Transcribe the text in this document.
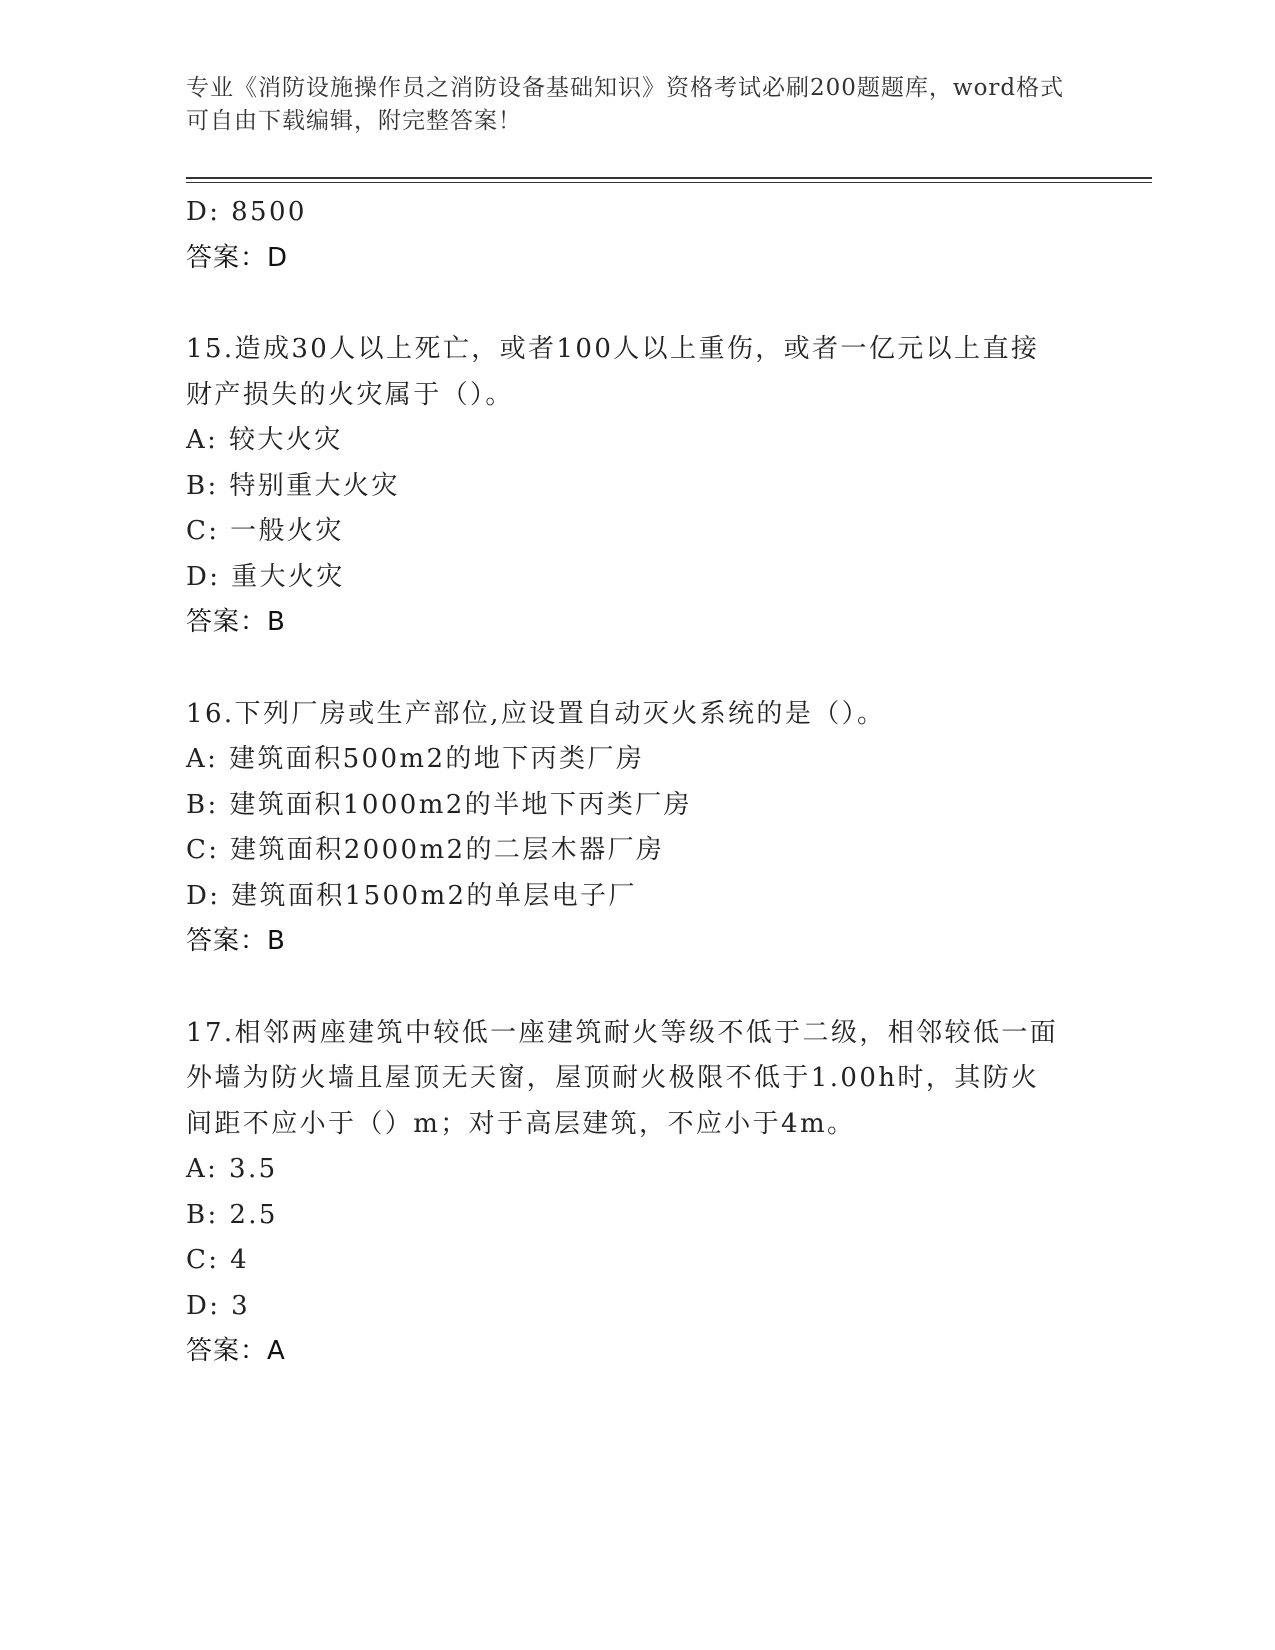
专业《消防设施操作员之消防设备基础知识》资格考试必刷200题题库，word格式可自由下载编辑，附完整答案！

D: 8500

答案：D

15.造成30人以上死亡，或者100人以上重伤，或者一亿元以上直接

财产损失的火灾属于（）。

A: 较大火灾

B: 特别重大火灾

C: 一般火灾

D: 重大火灾

答案：B

16.下列厂房或生产部位,应设置自动灭火系统的是（）。

A: 建筑面积500m2的地下丙类厂房

B: 建筑面积1000m2的半地下丙类厂房

C: 建筑面积2000m2的二层木器厂房

D: 建筑面积1500m2的单层电子厂

答案：B

17.相邻两座建筑中较低一座建筑耐火等级不低于二级，相邻较低一面

外墙为防火墙且屋顶无天窗，屋顶耐火极限不低于1.00h时，其防火

间距不应小于（）m；对于高层建筑，不应小于4m。

A: 3.5

B: 2.5

C: 4

D: 3

答案：A
